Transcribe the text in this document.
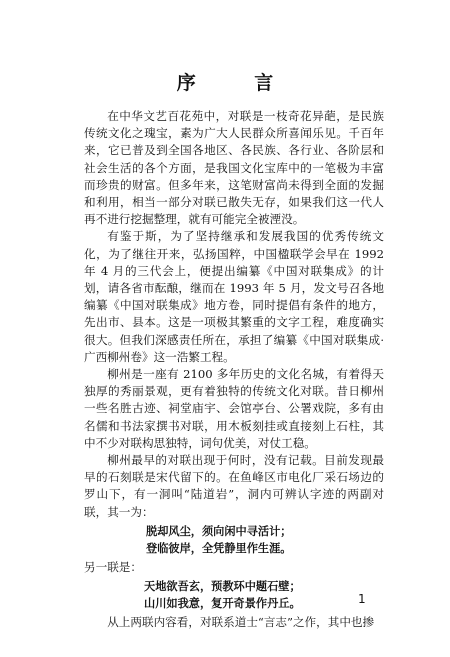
序 言

在中华文艺百花苑中，对联是一枝奇花异葩，是民族传统文化之瑰宝，素为广大人民群众所喜闻乐见。千百年来，它已普及到全国各地区、各民族、各行业、各阶层和社会生活的各个方面，是我国文化宝库中的一笔极为丰富而珍贵的财富。但多年来，这笔财富尚未得到全面的发掘和利用，相当一部分对联已散失无存，如果我们这一代人再不进行挖掘整理，就有可能完全被湮没。

有鉴于斯，为了坚持继承和发展我国的优秀传统文化，为了继往开来，弘扬国粹，中国楹联学会早在 1992 年 4 月的三代会上，便提出编纂《中国对联集成》的计划，请各省市酝酿，继而在 1993 年 5 月，发文号召各地编纂《中国对联集成》地方卷，同时提倡有条件的地方，先出市、县本。这是一项极其繁重的文字工程，难度确实很大。但我们深感责任所在，承担了编纂《中国对联集成·广西柳州卷》这一浩繁工程。

柳州是一座有 2100 多年历史的文化名城，有着得天独厚的秀丽景观，更有着独特的传统文化对联。昔日柳州一些名胜古迹、祠堂庙宇、会馆亭台、公署戏院，多有由名儒和书法家撰书对联，用木板刻挂或直接刻上石柱，其中不少对联构思独特，词句优美，对仗工稳。

柳州最早的对联出现于何时，没有记载。目前发现最早的石刻联是宋代留下的。在鱼峰区市电化厂采石场边的罗山下，有一洞叫“陆道岩”，洞内可辨认字迹的两副对联，其一为：

脱却风尘，须向闲中寻活计；
登临彼岸，全凭静里作生涯。

另一联是：

天地欲吾玄，预教环中题石壁；
山川如我意，复开奇景作丹丘。

从上两联内容看，对联系道士“言志”之作，其中也掺

1
